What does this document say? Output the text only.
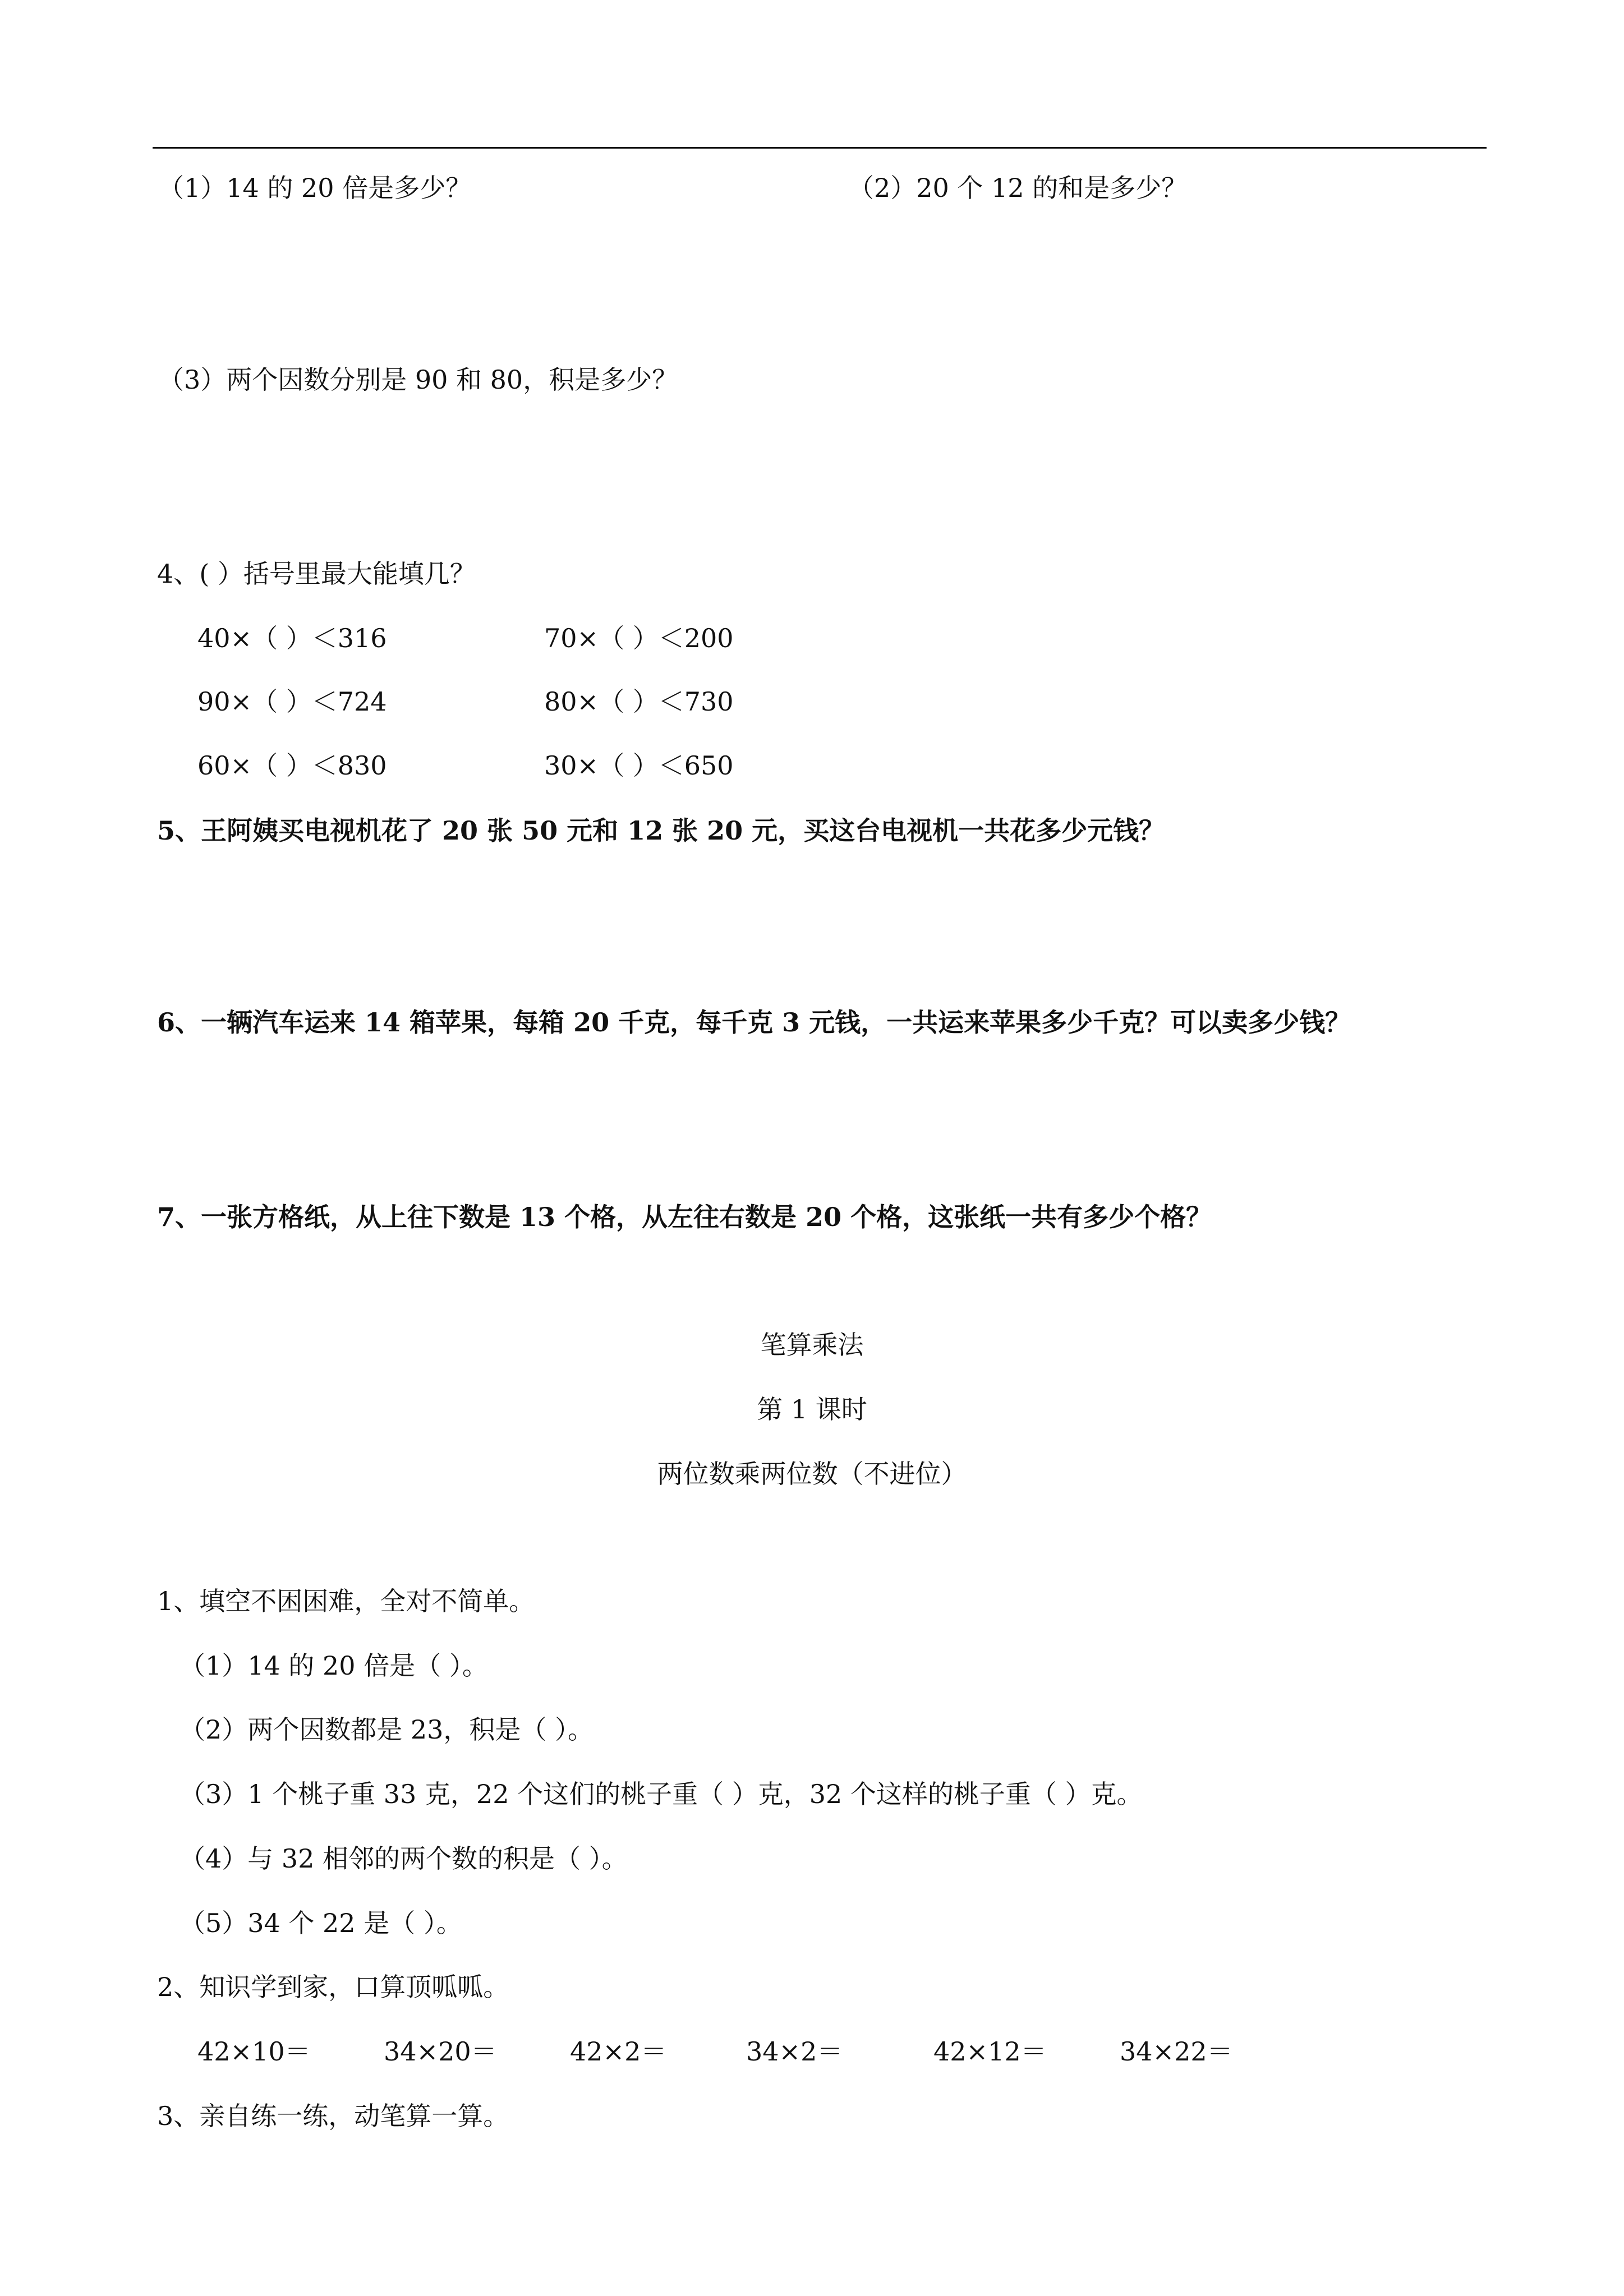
（1）14 的 20 倍是多少？	（2）20 个 12 的和是多少？
（3）两个因数分别是 90 和 80，积是多少？
4、( ）括号里最大能填几？
40×（ ）＜316	70×（ ）＜200
90×（ ）＜724	80×（ ）＜730
60×（ ）＜830	30×（ ）＜650
5、王阿姨买电视机花了 20 张 50 元和 12 张 20 元，买这台电视机一共花多少元钱？
6、一辆汽车运来 14 箱苹果，每箱 20 千克，每千克 3 元钱，一共运来苹果多少千克？可以卖多少钱？
7、一张方格纸，从上往下数是 13 个格，从左往右数是 20 个格，这张纸一共有多少个格？
笔算乘法
第 1 课时
两位数乘两位数（不进位）
1、填空不困困难，全对不简单。
（1）14 的 20 倍是（ ）。
（2）两个因数都是 23，积是（ ）。
（3）1 个桃子重 33 克，22 个这们的桃子重（ ）克，32 个这样的桃子重（ ）克。
（4）与 32 相邻的两个数的积是（ ）。
（5）34 个 22 是（ ）。
2、知识学到家，口算顶呱呱。
42×10＝	34×20＝	42×2＝	34×2＝	42×12＝	34×22＝
3、亲自练一练，动笔算一算。
